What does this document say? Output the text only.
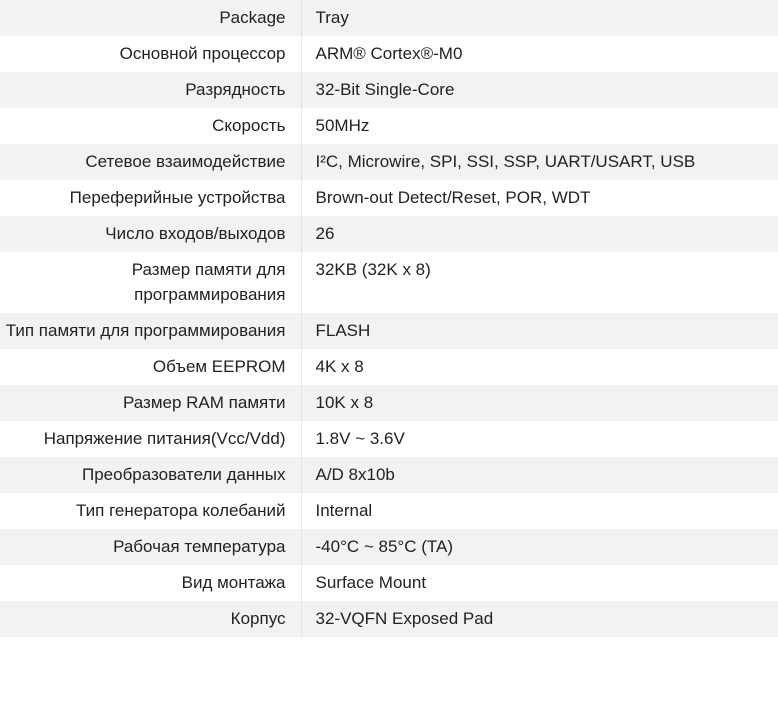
Package	Tray
Основной процессор	ARM® Cortex®-M0
Разрядность	32-Bit Single-Core
Скорость	50MHz
Сетевое взаимодействие	I²C, Microwire, SPI, SSI, SSP, UART/USART, USB
Переферийные устройства	Brown-out Detect/Reset, POR, WDT
Число входов/выходов	26
Размер памяти для программирования	32KB (32K x 8)
Тип памяти для программирования	FLASH
Объем EEPROM	4K x 8
Размер RAM памяти	10K x 8
Напряжение питания(Vcc/Vdd)	1.8V ~ 3.6V
Преобразователи данных	A/D 8x10b
Тип генератора колебаний	Internal
Рабочая температура	-40°C ~ 85°C (TA)
Вид монтажа	Surface Mount
Корпус	32-VQFN Exposed Pad
